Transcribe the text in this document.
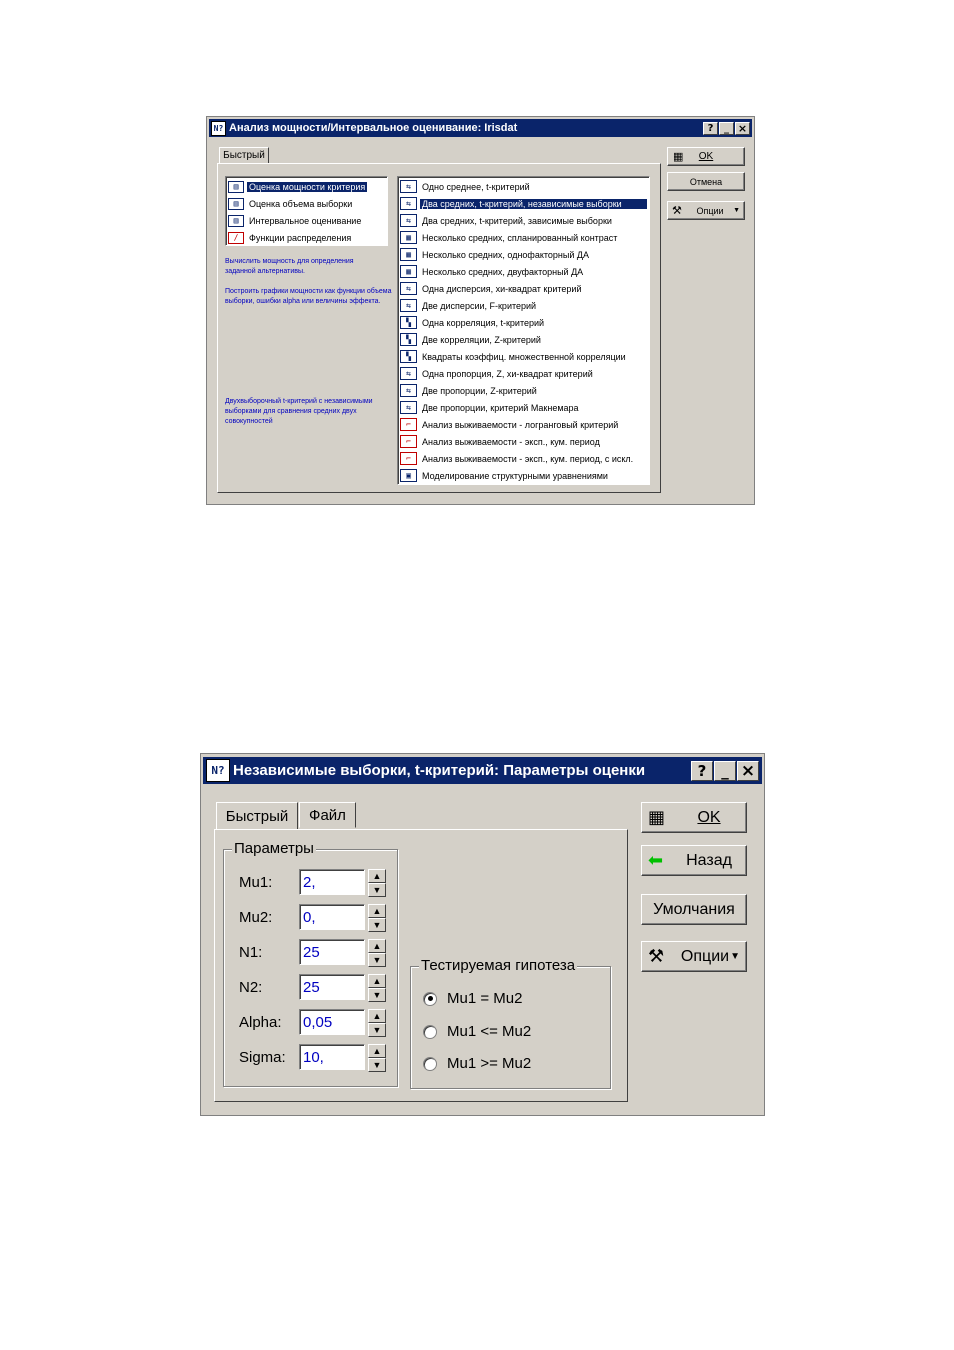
N? Анализ мощности/Интервальное оценивание: Irisdat	?	_ ×
Быстрый
▥	Оценка мощности критерия
▥	Оценка объема выборки
▥	Интервальное оценивание
∕	Функции распределения
Вычислить мощность для определения заданной альтернативы.
Построить графики мощности как функции объема выборки, ошибки alpha или величины эффекта.
Двухвыборочный t-критерий с независимыми выборками для сравнения средних двух совокупностей
⇆	Одно среднее, t-критерий
⇆	Два средних, t-критерий, независимые выборки
⇆	Два средних, t-критерий, зависимые выборки
▦	Несколько средних, спланированный контраст
▦	Несколько средних, однофакторный ДА
▦	Несколько средних, двуфакторный ДА
⇆	Одна дисперсия, хи-квадрат критерий
⇆	Две дисперсии, F-критерий
▚	Одна корреляция, t-критерий
▚	Две корреляции, Z-критерий
▚	Квадраты коэффиц. множественной корреляции
⇆	Одна пропорция, Z, хи-квадрат критерий
⇆	Две пропорции, Z-критерий
⇆	Две пропорции, критерий Макнемара
⌐	Анализ выживаемости - логранговый критерий
⌐	Анализ выживаемости - эксп., кум. период
⌐	Анализ выживаемости - эксп., кум. период, с искл.
▣	Моделирование структурными уравнениями
▦ OK
Отмена
⚒ Опции ▼
N? Независимые выборки, t-критерий: Параметры оценки	? _ ×
Быстрый	Файл
Параметры
Тестируемая гипотеза
Mu1 = Mu2
Mu1 <= Mu2
Mu1 >= Mu2
▦ OK
⬅ Назад
Умолчания
⚒ Опции ▼
Mu1:
2,	▲
▼
Mu2:
0,	▲
▼
N1:
25	▲
▼
N2:
25	▲
▼
Alpha:
0,05	▲
▼
Sigma:
10,	▲
▼
